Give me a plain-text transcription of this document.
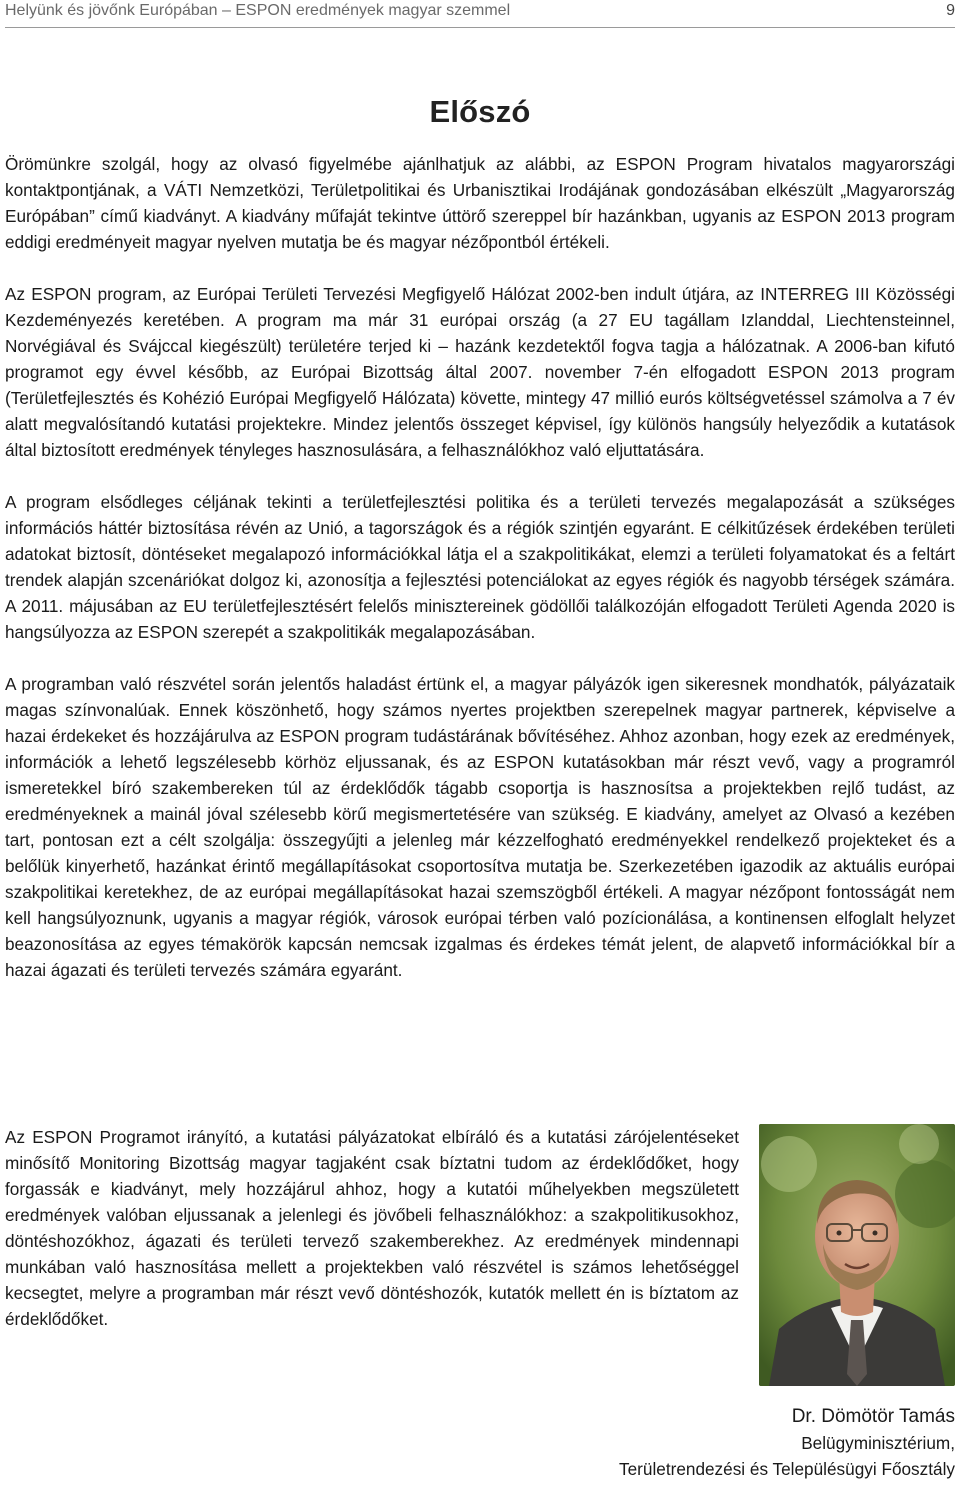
Helyünk és jövőnk Európában – ESPON eredmények magyar szemmel	9
Előszó

Örömünkre szolgál, hogy az olvasó figyelmébe ajánlhatjuk az alábbi, az ESPON Program hivatalos magyarországi kontaktpontjának, a VÁTI Nemzetközi, Területpolitikai és Urbanisztikai Irodájának gondozásában elkészült „Magyarország Európában” című kiadványt. A kiadvány műfaját tekintve úttörő szereppel bír hazánkban, ugyanis az ESPON 2013 program eddigi eredményeit magyar nyelven mutatja be és magyar nézőpontból értékeli.

Az ESPON program, az Európai Területi Tervezési Megfigyelő Hálózat 2002-ben indult útjára, az INTERREG III Közösségi Kezdeményezés keretében. A program ma már 31 európai ország (a 27 EU tagállam Izlanddal, Liechtensteinnel, Norvégiával és Svájccal kiegészült) területére terjed ki – hazánk kezdetektől fogva tagja a hálózatnak. A 2006-ban kifutó programot egy évvel később, az Európai Bizottság által 2007. november 7-én elfogadott ESPON 2013 program (Területfejlesztés és Kohézió Európai Megfigyelő Hálózata) követte, mintegy 47 millió eurós költségvetéssel számolva a 7 év alatt megvalósítandó kutatási projektekre. Mindez jelentős összeget képvisel, így különös hangsúly helyeződik a kutatások által biztosított eredmények tényleges hasznosulására, a felhasználókhoz való eljuttatására.

A program elsődleges céljának tekinti a területfejlesztési politika és a területi tervezés megalapozását a szükséges információs háttér biztosítása révén az Unió, a tagországok és a régiók szintjén egyaránt. E célkitűzések érdekében területi adatokat biztosít, döntéseket megalapozó információkkal látja el a szakpolitikákat, elemzi a területi folyamatokat és a feltárt trendek alapján szcenáriókat dolgoz ki, azonosítja a fejlesztési potenciálokat az egyes régiók és nagyobb térségek számára. A 2011. májusában az EU területfejlesztésért felelős minisztereinek gödöllői találkozóján elfogadott Területi Agenda 2020 is hangsúlyozza az ESPON szerepét a szakpolitikák megalapozásában.

A programban való részvétel során jelentős haladást értünk el, a magyar pályázók igen sikeresnek mondhatók, pályázataik magas színvonalúak. Ennek köszönhető, hogy számos nyertes projektben szerepelnek magyar partnerek, képviselve a hazai érdekeket és hozzájárulva az ESPON program tudástárának bővítéséhez. Ahhoz azonban, hogy ezek az eredmények, információk a lehető legszélesebb körhöz eljussanak, és az ESPON kutatásokban már részt vevő, vagy a programról ismeretekkel bíró szakembereken túl az érdeklődők tágabb csoportja is hasznosítsa a projektekben rejlő tudást, az eredményeknek a mainál jóval szélesebb körű megismertetésére van szükség. E kiadvány, amelyet az Olvasó a kezében tart, pontosan ezt a célt szolgálja: összegyűjti a jelenleg már kézzelfogható eredményekkel rendelkező projekteket és a belőlük kinyerhető, hazánkat érintő megállapításokat csoportosítva mutatja be. Szerkezetében igazodik az aktuális európai szakpolitikai keretekhez, de az európai megállapításokat hazai szemszögből értékeli. A magyar nézőpont fontosságát nem kell hangsúlyoznunk, ugyanis a magyar régiók, városok európai térben való pozícionálása, a kontinensen elfoglalt helyzet beazonosítása az egyes témakörök kapcsán nemcsak izgalmas és érdekes témát jelent, de alapvető információkkal bír a hazai ágazati és területi tervezés számára egyaránt.

Az ESPON Programot irányító, a kutatási pályázatokat elbíráló és a kutatási zárójelentéseket minősítő Monitoring Bizottság magyar tagjaként csak bíztatni tudom az érdeklődőket, hogy forgassák e kiadványt, mely hozzájárul ahhoz, hogy a kutatói műhelyekben megszületett eredmények valóban eljussanak a jelenlegi és jövőbeli felhasználókhoz: a szakpolitikusokhoz, döntéshozókhoz, ágazati és területi tervező szakemberekhez. Az eredmények mindennapi munkában való hasznosítása mellett a projektekben való részvétel is számos lehetőséggel kecsegtet, melyre a programban már részt vevő döntéshozók, kutatók mellett én is bíztatom az érdeklődőket.

Dr. Dömötör Tamás
Belügyminisztérium,
Területrendezési és Településügyi Főosztály
